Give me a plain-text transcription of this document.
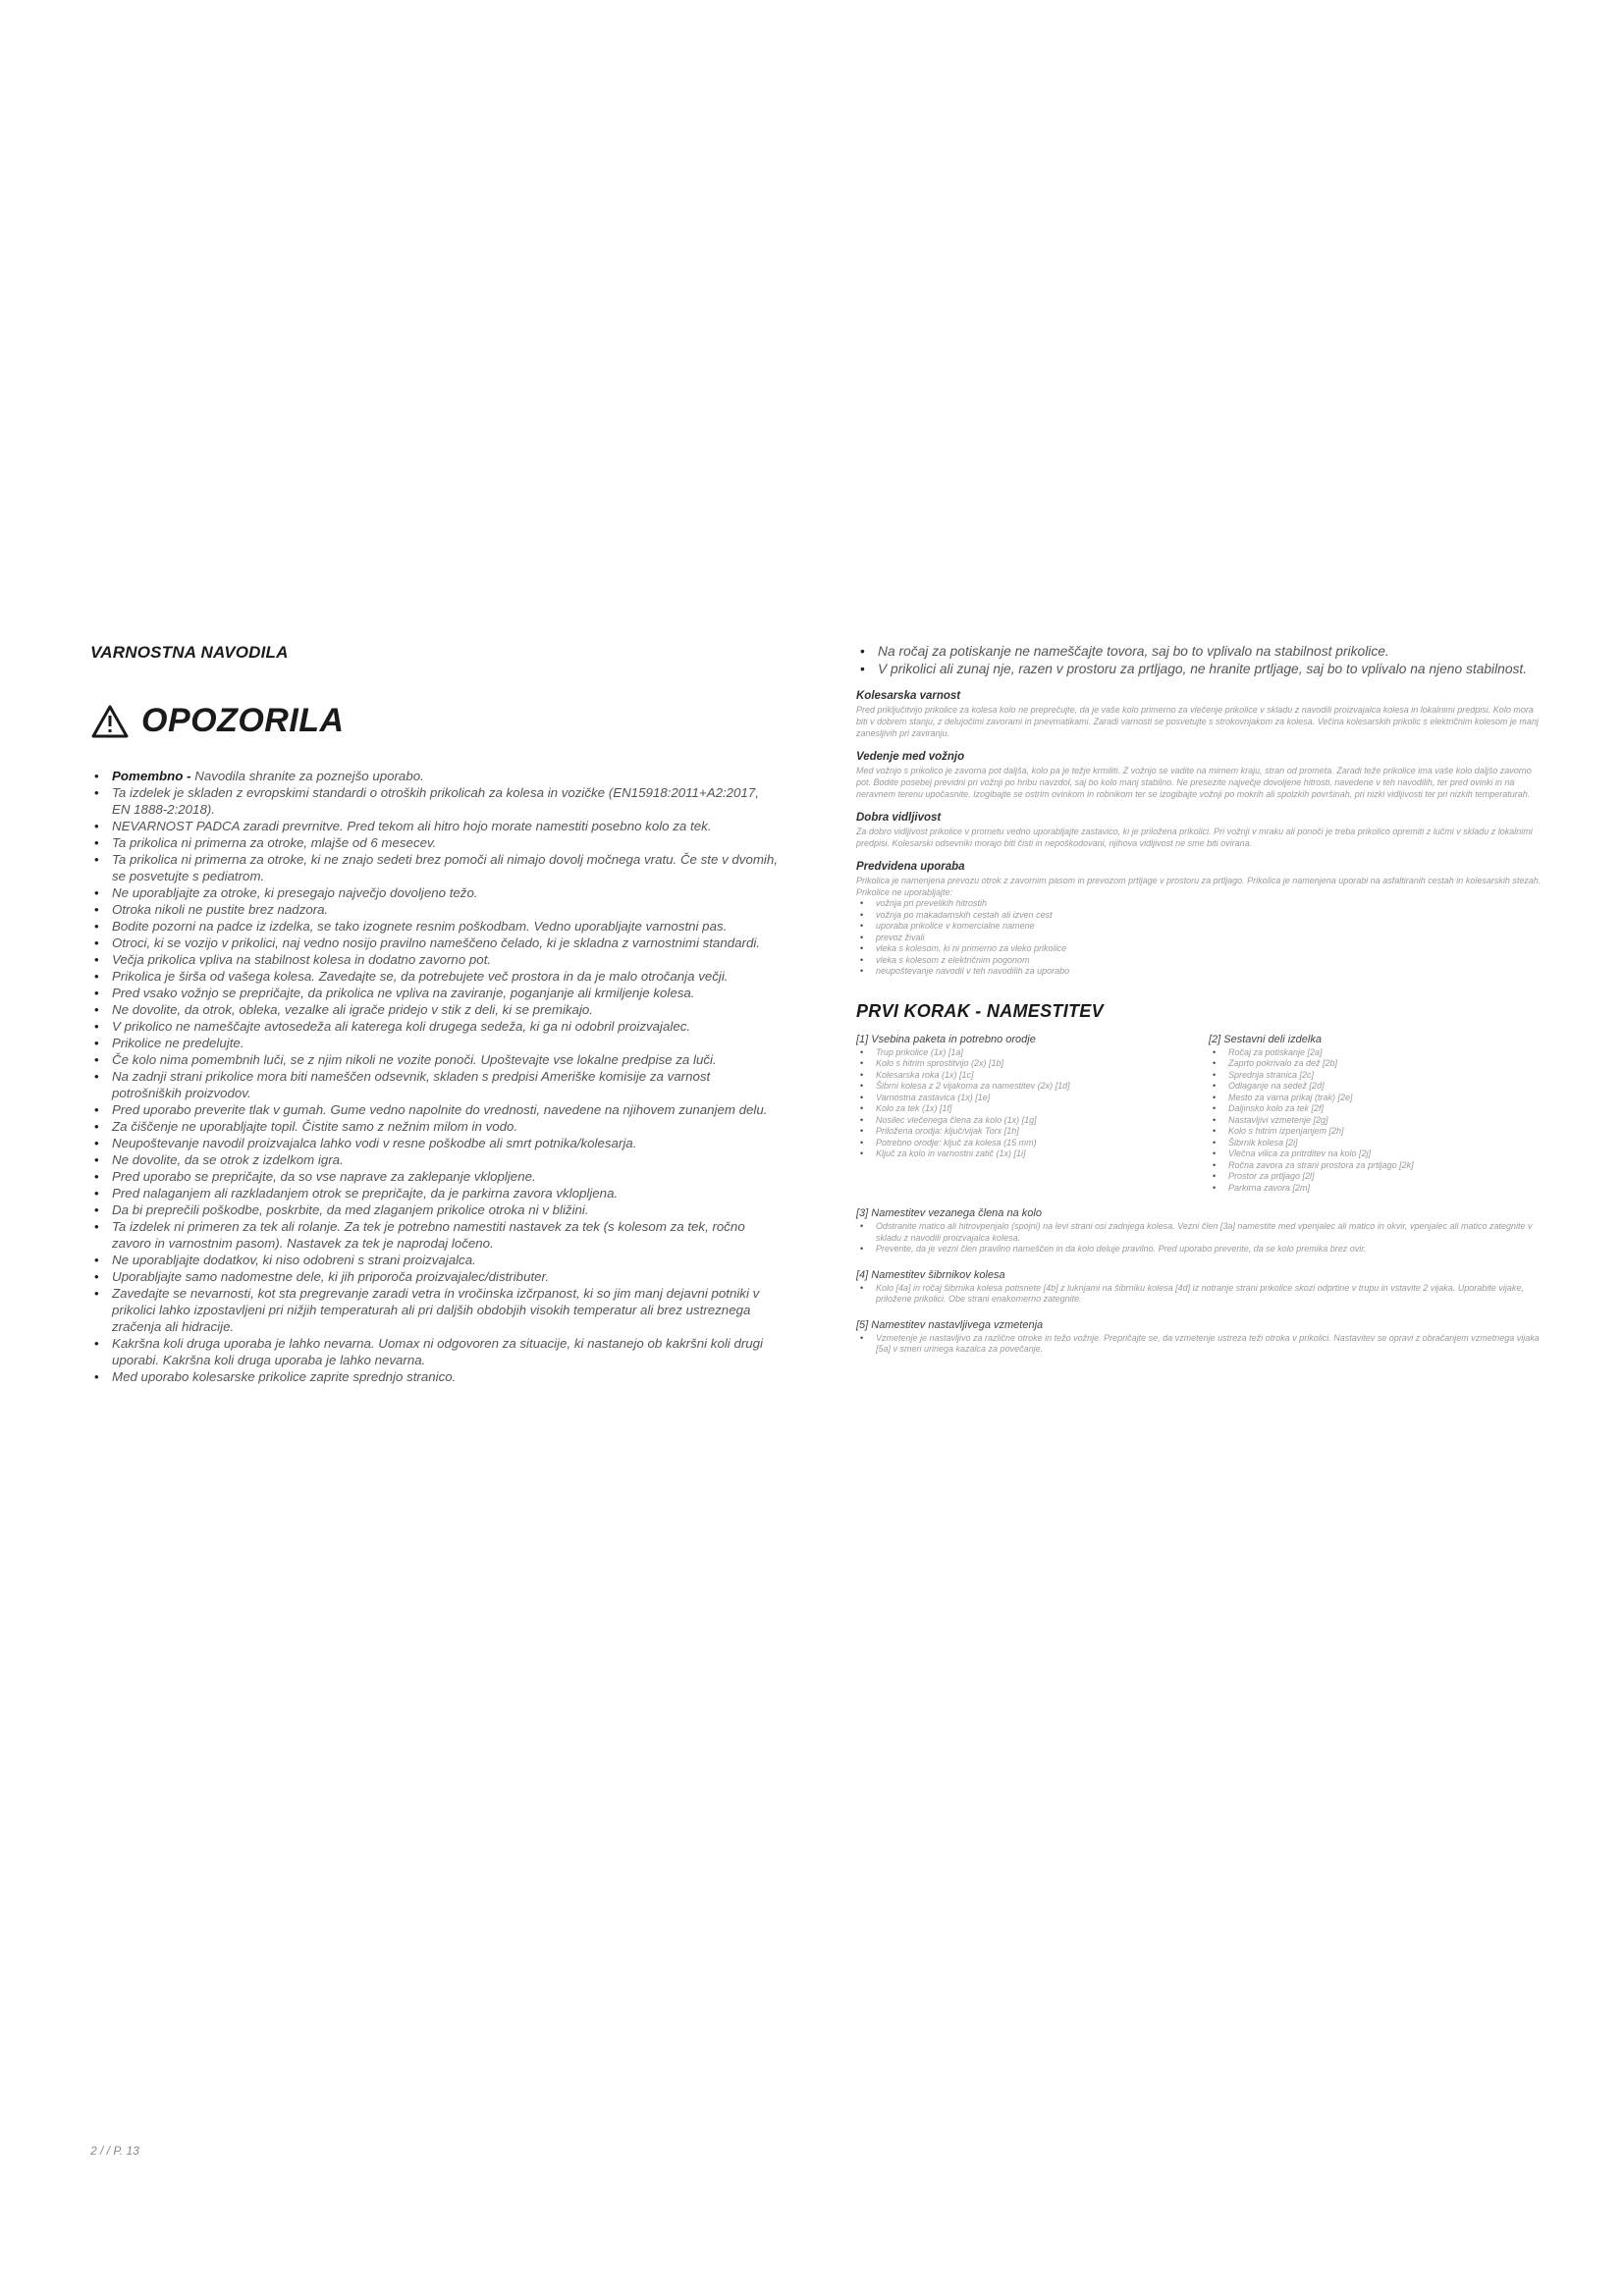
VARNOSTNA NAVODILA
OPOZORILA
• Pomembno - Navodila shranite za poznejšo uporabo.
• Ta izdelek je skladen z evropskimi standardi o otroških prikolicah za kolesa in vozičke (EN15918:2011+A2:2017, EN 1888-2:2018).
• NEVARNOST PADCA zaradi prevrnitve. Pred tekom ali hitro hojo morate namestiti posebno kolo za tek.
• Ta prikolica ni primerna za otroke, mlajše od 6 mesecev.
• Ta prikolica ni primerna za otroke, ki ne znajo sedeti brez pomoči ali nimajo dovolj močnega vratu. Če ste v dvomih, se posvetujte s pediatrom.
• Ne uporabljajte za otroke, ki presegajo največjo dovoljeno težo.
• Otroka nikoli ne pustite brez nadzora.
• Bodite pozorni na padce iz izdelka, se tako izognete resnim poškodbam. Vedno uporabljajte varnostni pas.
• Otroci, ki se vozijo v prikolici, naj vedno nosijo pravilno nameščeno čelado, ki je skladna z varnostnimi standardi.
• Večja prikolica vpliva na stabilnost kolesa in dodatno zavorno pot.
• Prikolica je širša od vašega kolesa. Zavedajte se, da potrebujete več prostora in da je malo otročanja večji.
• Pred vsako vožnjo se prepričajte, da prikolica ne vpliva na zaviranje, poganjanje ali krmiljenje kolesa.
• Ne dovolite, da otrok, obleka, vezalke ali igrače pridejo v stik z deli, ki se premikajo.
• V prikolico ne nameščajte avtosedeža ali katerega koli drugega sedeža, ki ga ni odobril proizvajalec.
• Prikolice ne predelujte.
• Če kolo nima pomembnih luči, se z njim nikoli ne vozite ponoči. Upoštevajte vse lokalne predpise za luči.
• Na zadnji strani prikolice mora biti nameščen odsevnik, skladen s predpisi Ameriške komisije za varnost potrošniških proizvodov.
• Pred uporabo preverite tlak v gumah. Gume vedno napolnite do vrednosti, navedene na njihovem zunanjem delu.
• Za čiščenje ne uporabljajte topil. Čistite samo z nežnim milom in vodo.
• Neupoštevanje navodil proizvajalca lahko vodi v resne poškodbe ali smrt potnika/kolesarja.
• Ne dovolite, da se otrok z izdelkom igra.
• Pred uporabo se prepričajte, da so vse naprave za zaklepanje vklopljene.
• Pred nalaganjem ali razkladanjem otrok se prepričajte, da je parkirna zavora vklopljena.
• Da bi preprečili poškodbe, poskrbite, da med zlaganjem prikolice otroka ni v bližini.
• Ta izdelek ni primeren za tek ali rolanje. Za tek je potrebno namestiti nastavek za tek (s kolesom za tek, ročno zavoro in varnostnim pasom). Nastavek za tek je naprodaj ločeno.
• Ne uporabljajte dodatkov, ki niso odobreni s strani proizvajalca.
• Uporabljajte samo nadomestne dele, ki jih priporoča proizvajalec/distributer.
• Zavedajte se nevarnosti, kot sta pregrevanje zaradi vetra in vročinska izčrpanost, ki so jim manj dejavni potniki v prikolici lahko izpostavljeni pri nižjih temperaturah ali pri daljših obdobjih visokih temperatur ali brez ustreznega zračenja ali hidracije.
• Kakršna koli druga uporaba je lahko nevarna. Uomax ni odgovoren za situacije, ki nastanejo ob kakršni koli drugi uporabi. Kakršna koli druga uporaba je lahko nevarna.
• Med uporabo kolesarske prikolice zaprite sprednjo stranico.
2 / / P. 13
• Na ročaj za potiskanje ne nameščajte tovora, saj bo to vplivalo na stabilnost prikolice.
• V prikolici ali zunaj nje, razen v prostoru za prtljago, ne hranite prtljage, saj bo to vplivalo na njeno stabilnost.
Kolesarska varnost
Pred priključitvijo prikolice za kolesa kolo ne preprečujte, da je vaše kolo primerno za vlečenje prikolice v skladu z navodili proizvajalca kolesa in lokalnimi predpisi. Kolo mora biti v dobrem stanju, z delujočimi zavorami in pnevmatikami. Zaradi varnosti se posvetujte s strokovnjakom za kolesa. Večina kolesarskih prikolic s električnim kolesom je manj zanesljivih pri zaviranju.
Vedenje med vožnjo
Med vožnjo s prikolico je zavorna pot daljša, kolo pa je težje krmiliti. Z vožnjo se vadite na mirnem kraju, stran od prometa. Zaradi teže prikolice ima vaše kolo daljšo zavorno pot. Bodite posebej previdni pri vožnji po hribu navzdol, saj bo kolo manj stabilno. Ne presezite največje dovoljene hitrosti, navedene v teh navodilih, ter pred ovinki in na neravnem terenu upočasnite. Izogibajte se ostrim ovinkom in robnikom ter se izogibajte vožnji po mokrih ali spolzkih površinah, pri nizki vidljivosti ter pri nizkih temperaturah.
Dobra vidljivost
Za dobro vidljivost prikolice v prometu vedno uporabljajte zastavico, ki je priložena prikolici. Pri vožnji v mraku ali ponoči je treba prikolico opremiti z lučmi v skladu z lokalnimi predpisi. Kolesarski odsevniki morajo biti čisti in nepoškodovani, njihova vidljivost ne sme biti ovirana.
Predvidena uporaba
Prikolica je namenjena prevozu otrok z zavornim pasom in prevozom prtljage v prostoru za prtljago. Prikolica je namenjena uporabi na asfaltiranih cestah in kolesarskih stezah. Prikolice ne uporabljajte:
• vožnja pri prevelikih hitrostih
• vožnja po makadamskih cestah ali izven cest
• uporaba prikolice v komercialne namene
• prevoz živali
• vleka s kolesom, ki ni primerno za vleko prikolice
• vleka s kolesom z električnim pogonom
• neupoštevanje navodil v teh navodilih za uporabo
PRVI KORAK - NAMESTITEV
[1] Vsebina paketa in potrebno orodje
• Trup prikolice (1x) [1a]
• Kolo s hitrim sprostitvijo (2x) [1b]
• Kolesarska roka (1x) [1c]
• Šibrni kolesa z 2 vijakoma za namestitev (2x) [1d]
• Varnostna zastavica (1x) [1e]
• Kolo za tek (1x) [1f]
• Nosilec vlečenega člena za kolo (1x) [1g]
• Priložena orodja: ključ/vijak Torx [1h]
• Potrebno orodje: ključ za kolesa (15 mm)
• Ključ za kolo in varnostni zatič (1x) [1i]
[2] Sestavni deli izdelka
• Ročaj za potiskanje [2a]
• Zaprto pokrivalo za dež [2b]
• Sprednja stranica [2c]
• Odlaganje na sedež [2d]
• Mesto za varna prikaj (trak) [2e]
• Daljinsko kolo za tek [2f]
• Nastavljivi vzmetenje [2g]
• Kolo s hitrim izpenjanjem [2h]
• Šibrnik kolesa [2i]
• Vlečna vilica za pritrditev na kolo [2j]
• Ročna zavora za strani prostora za prtljago [2k]
• Prostor za prtljago [2l]
• Parkirna zavora [2m]
[3] Namestitev vezanega člena na kolo
• Odstranite matico ali hitrovpenjalo (spojni) na levi strani osi zadnjega kolesa. Vezni člen [3a] namestite med vpenjalec ali matico in okvir, vpenjalec ali matico zategnite v skladu z navodili proizvajalca kolesa.
• Preverite, da je vezni člen pravilno nameščen in da kolo deluje pravilno. Pred uporabo preverite, da se kolo premika brez ovir.
[4] Namestitev šibrnikov kolesa
• Kolo [4a] in ročaj šibrnika kolesa potisnete [4b] z luknjami na šibrniku kolesa [4d] iz notranje strani prikolice skozi odprtine v trupu in vstavite 2 vijaka. Uporabite vijake, priložene prikolici. Obe strani enakomerno zategnite.
[5] Namestitev nastavljivega vzmetenja
• Vzmetenje je nastavljivo za različne otroke in težo vožnje. Prepričajte se, da vzmetenje ustreza teži otroka v prikolici. Nastavitev se opravi z obračanjem vzmetnega vijaka [5a] v smeri urinega kazalca za povečanje.
